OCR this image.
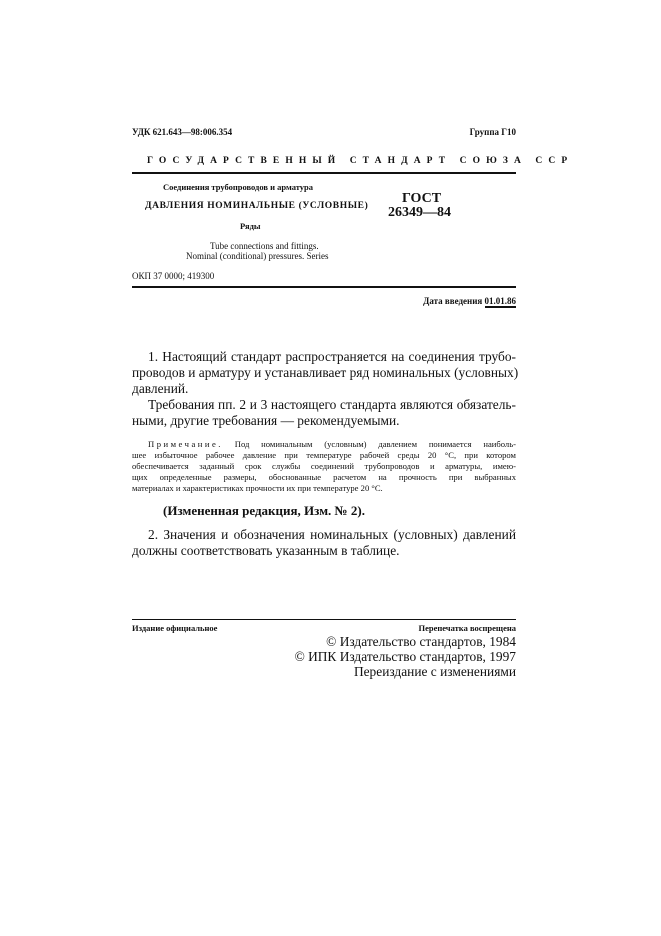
УДК 621.643—98:006.354	Группа Г10
ГОСУДАРСТВЕННЫЙ СТАНДАРТ СОЮЗА ССР
Соединения трубопроводов и арматура
ДАВЛЕНИЯ НОМИНАЛЬНЫЕ (УСЛОВНЫЕ)
Ряды
Tube connections and fittings.
Nominal (conditional) pressures. Series
ГОСТ
26349—84
ОКП 37 0000; 419300
Дата введения 01.01.86
1. Настоящий стандарт распространяется на соединения трубо-
проводов и арматуру и устанавливает ряд номинальных (условных)
давлений.
Требования пп. 2 и 3 настоящего стандарта являются обязатель-
ными, другие требования — рекомендуемыми.
Примечание. Под номинальным (условным) давлением понимается наиболь-
шее избыточное рабочее давление при температуре рабочей среды 20 °С, при котором
обеспечивается заданный срок службы соединений трубопроводов и арматуры, имею-
щих определенные размеры, обоснованные расчетом на прочность при выбранных
материалах и характеристиках прочности их при температуре 20 °С.
(Измененная редакция, Изм. № 2).
2. Значения и обозначения номинальных (условных) давлений
должны соответствовать указанным в таблице.
Издание официальное	Перепечатка воспрещена
© Издательство стандартов, 1984
© ИПК Издательство стандартов, 1997
Переиздание с изменениями
